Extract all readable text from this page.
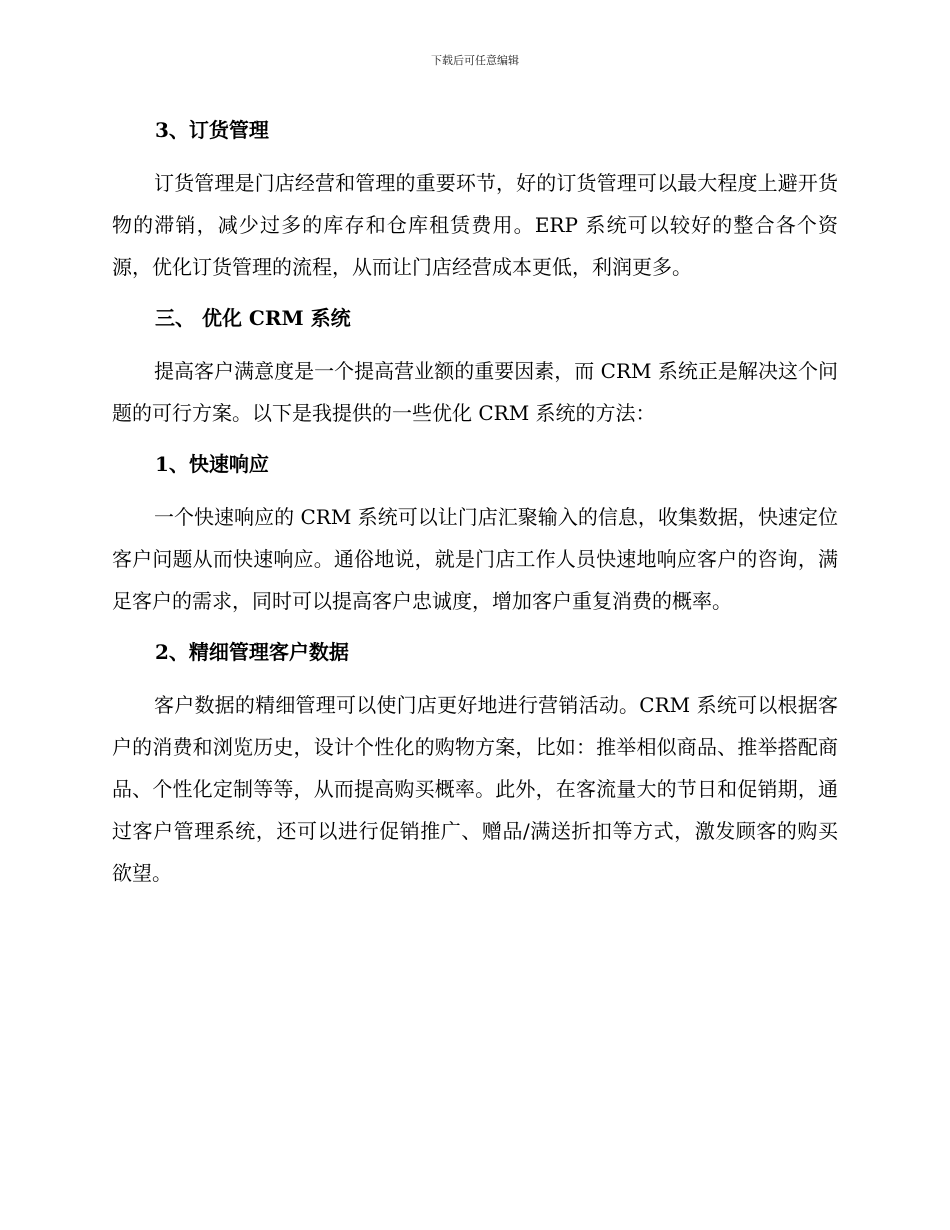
下载后可任意编辑
3、订货管理

订货管理是门店经营和管理的重要环节，好的订货管理可以最大程度上避开货物的滞销，减少过多的库存和仓库租赁费用。ERP 系统可以较好的整合各个资源，优化订货管理的流程，从而让门店经营成本更低，利润更多。

三、 优化 CRM 系统

提高客户满意度是一个提高营业额的重要因素，而 CRM 系统正是解决这个问题的可行方案。以下是我提供的一些优化 CRM 系统的方法：

1、快速响应

一个快速响应的 CRM 系统可以让门店汇聚输入的信息，收集数据，快速定位客户问题从而快速响应。通俗地说，就是门店工作人员快速地响应客户的咨询，满足客户的需求，同时可以提高客户忠诚度，增加客户重复消费的概率。

2、精细管理客户数据

客户数据的精细管理可以使门店更好地进行营销活动。CRM 系统可以根据客户的消费和浏览历史，设计个性化的购物方案，比如：推举相似商品、推举搭配商品、个性化定制等等，从而提高购买概率。此外，在客流量大的节日和促销期，通过客户管理系统，还可以进行促销推广、赠品/满送折扣等方式，激发顾客的购买欲望。
